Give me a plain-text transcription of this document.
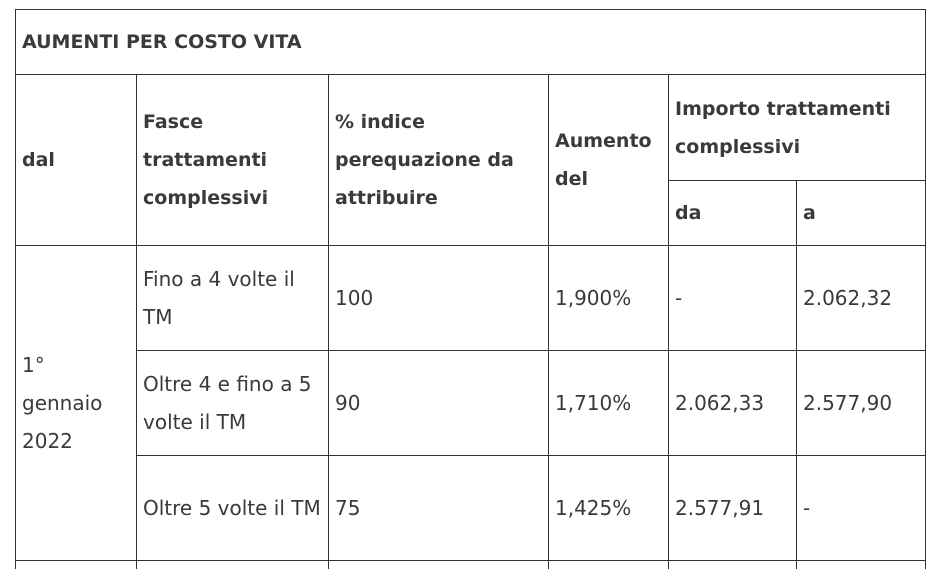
AUMENTI PER COSTO VITA					
dal	Fasce trattamenti complessivi	% indice perequazione da attribuire	Aumento del	Importo trattamenti complessivi	
				da	a
1° gennaio 2022	Fino a 4 volte il TM	100	1,900%	-	2.062,32
	Oltre 4 e fino a 5 volte il TM	90	1,710%	2.062,33	2.577,90
	Oltre 5 volte il TM	75	1,425%	2.577,91	-
